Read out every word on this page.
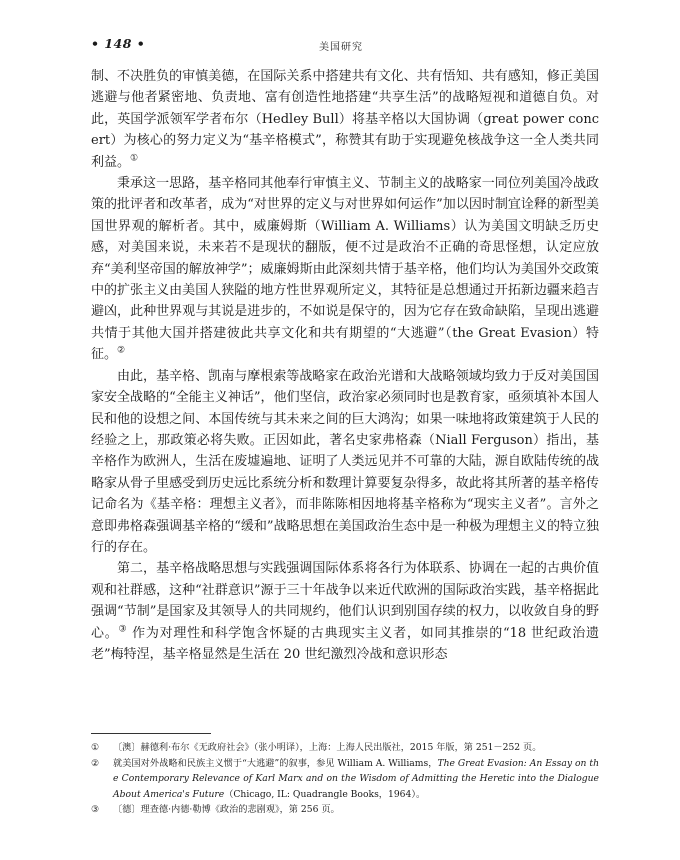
• 148 •	美国研究

制、不决胜负的审慎美德，在国际关系中搭建共有文化、共有悟知、共有感知，修正美国逃避与他者紧密地、负责地、富有创造性地搭建“共享生活”的战略短视和道德自负。对此，英国学派领军学者布尔（Hedley Bull）将基辛格以大国协调（great power concert）为核心的努力定义为“基辛格模式”，称赞其有助于实现避免核战争这一全人类共同利益。①

秉承这一思路，基辛格同其他奉行审慎主义、节制主义的战略家一同位列美国冷战政策的批评者和改革者，成为“对世界的定义与对世界如何运作”加以因时制宜诠释的新型美国世界观的解析者。其中，威廉姆斯（William A. Williams）认为美国文明缺乏历史感，对美国来说，未来若不是现状的翻版，便不过是政治不正确的奇思怪想，认定应放弃“美利坚帝国的解放神学”；威廉姆斯由此深刻共情于基辛格，他们均认为美国外交政策中的扩张主义由美国人狭隘的地方性世界观所定义，其特征是总想通过开拓新边疆来趋吉避凶，此种世界观与其说是进步的，不如说是保守的，因为它存在致命缺陷，呈现出逃避共情于其他大国并搭建彼此共享文化和共有期望的“大逃避”（the Great Evasion）特征。②

由此，基辛格、凯南与摩根索等战略家在政治光谱和大战略领域均致力于反对美国国家安全战略的“全能主义神话”，他们坚信，政治家必须同时也是教育家，亟须填补本国人民和他的设想之间、本国传统与其未来之间的巨大鸿沟；如果一味地将政策建筑于人民的经验之上，那政策必将失败。正因如此，著名史家弗格森（Niall Ferguson）指出，基辛格作为欧洲人，生活在废墟遍地、证明了人类远见并不可靠的大陆，源自欧陆传统的战略家从骨子里感受到历史远比系统分析和数理计算要复杂得多，故此将其所著的基辛格传记命名为《基辛格：理想主义者》，而非陈陈相因地将基辛格称为“现实主义者”。言外之意即弗格森强调基辛格的“缓和”战略思想在美国政治生态中是一种极为理想主义的特立独行的存在。

第二，基辛格战略思想与实践强调国际体系将各行为体联系、协调在一起的古典价值观和社群感，这种“社群意识”源于三十年战争以来近代欧洲的国际政治实践，基辛格据此强调“节制”是国家及其领导人的共同规约，他们认识到别国存续的权力，以收敛自身的野心。③ 作为对理性和科学饱含怀疑的古典现实主义者，如同其推崇的“18 世纪政治遗老”梅特涅，基辛格显然是生活在 20 世纪激烈冷战和意识形态

① 〔澳〕赫德利·布尔《无政府社会》（张小明译），上海：上海人民出版社，2015 年版，第 251－252 页。

② 就美国对外战略和民族主义惯于“大逃避”的叙事，参见 William A. Williams，The Great Evasion: An Essay on the Contemporary Relevance of Karl Marx and on the Wisdom of Admitting the Heretic into the Dialogue About America's Future（Chicago, IL: Quadrangle Books，1964）。

③ 〔德〕理查德·内德·勒博《政治的悲剧观》，第 256 页。
